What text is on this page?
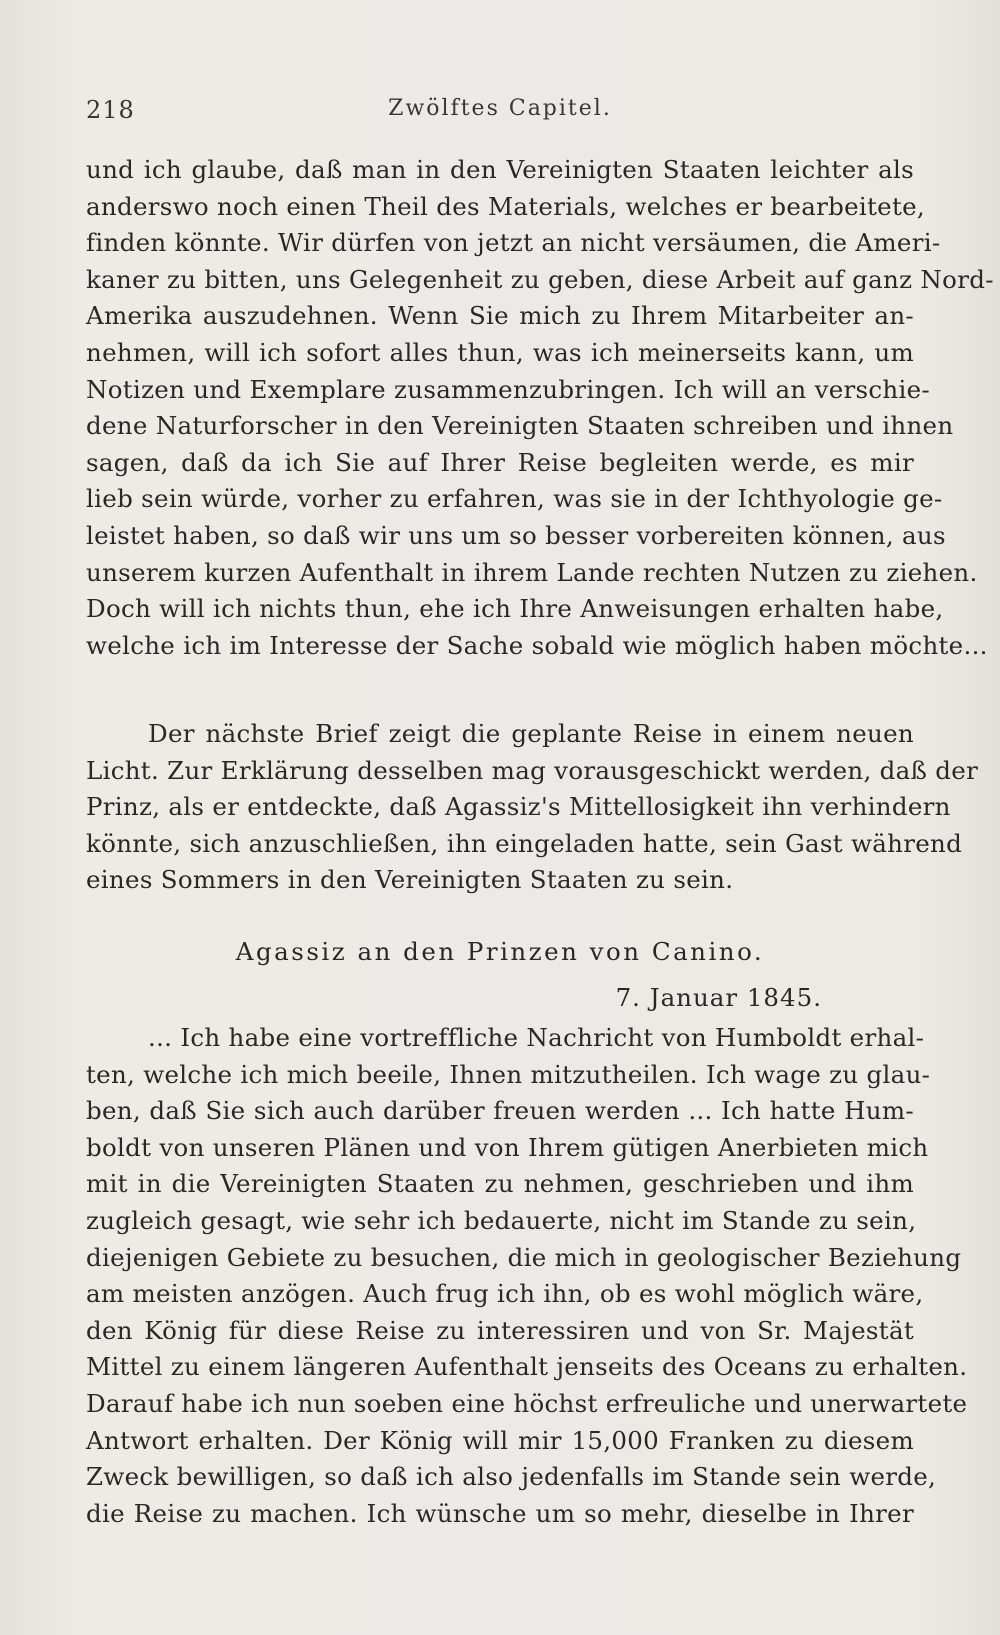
218	Zwölftes Capitel.
und ich glaube, daß man in den Vereinigten Staaten leichter als
anderswo noch einen Theil des Materials, welches er bearbeitete,
finden könnte. Wir dürfen von jetzt an nicht versäumen, die Ameri-
kaner zu bitten, uns Gelegenheit zu geben, diese Arbeit auf ganz Nord-
Amerika auszudehnen. Wenn Sie mich zu Ihrem Mitarbeiter an-
nehmen, will ich sofort alles thun, was ich meinerseits kann, um
Notizen und Exemplare zusammenzubringen. Ich will an verschie-
dene Naturforscher in den Vereinigten Staaten schreiben und ihnen
sagen, daß da ich Sie auf Ihrer Reise begleiten werde, es mir
lieb sein würde, vorher zu erfahren, was sie in der Ichthyologie ge-
leistet haben, so daß wir uns um so besser vorbereiten können, aus
unserem kurzen Aufenthalt in ihrem Lande rechten Nutzen zu ziehen.
Doch will ich nichts thun, ehe ich Ihre Anweisungen erhalten habe,
welche ich im Interesse der Sache sobald wie möglich haben möchte...
Der nächste Brief zeigt die geplante Reise in einem neuen
Licht. Zur Erklärung desselben mag vorausgeschickt werden, daß der
Prinz, als er entdeckte, daß Agassiz's Mittellosigkeit ihn verhindern
könnte, sich anzuschließen, ihn eingeladen hatte, sein Gast während
eines Sommers in den Vereinigten Staaten zu sein.
Agassiz an den Prinzen von Canino.
7. Januar 1845.
... Ich habe eine vortreffliche Nachricht von Humboldt erhal-
ten, welche ich mich beeile, Ihnen mitzutheilen. Ich wage zu glau-
ben, daß Sie sich auch darüber freuen werden ... Ich hatte Hum-
boldt von unseren Plänen und von Ihrem gütigen Anerbieten mich
mit in die Vereinigten Staaten zu nehmen, geschrieben und ihm
zugleich gesagt, wie sehr ich bedauerte, nicht im Stande zu sein,
diejenigen Gebiete zu besuchen, die mich in geologischer Beziehung
am meisten anzögen. Auch frug ich ihn, ob es wohl möglich wäre,
den König für diese Reise zu interessiren und von Sr. Majestät
Mittel zu einem längeren Aufenthalt jenseits des Oceans zu erhalten.
Darauf habe ich nun soeben eine höchst erfreuliche und unerwartete
Antwort erhalten. Der König will mir 15,000 Franken zu diesem
Zweck bewilligen, so daß ich also jedenfalls im Stande sein werde,
die Reise zu machen. Ich wünsche um so mehr, dieselbe in Ihrer
